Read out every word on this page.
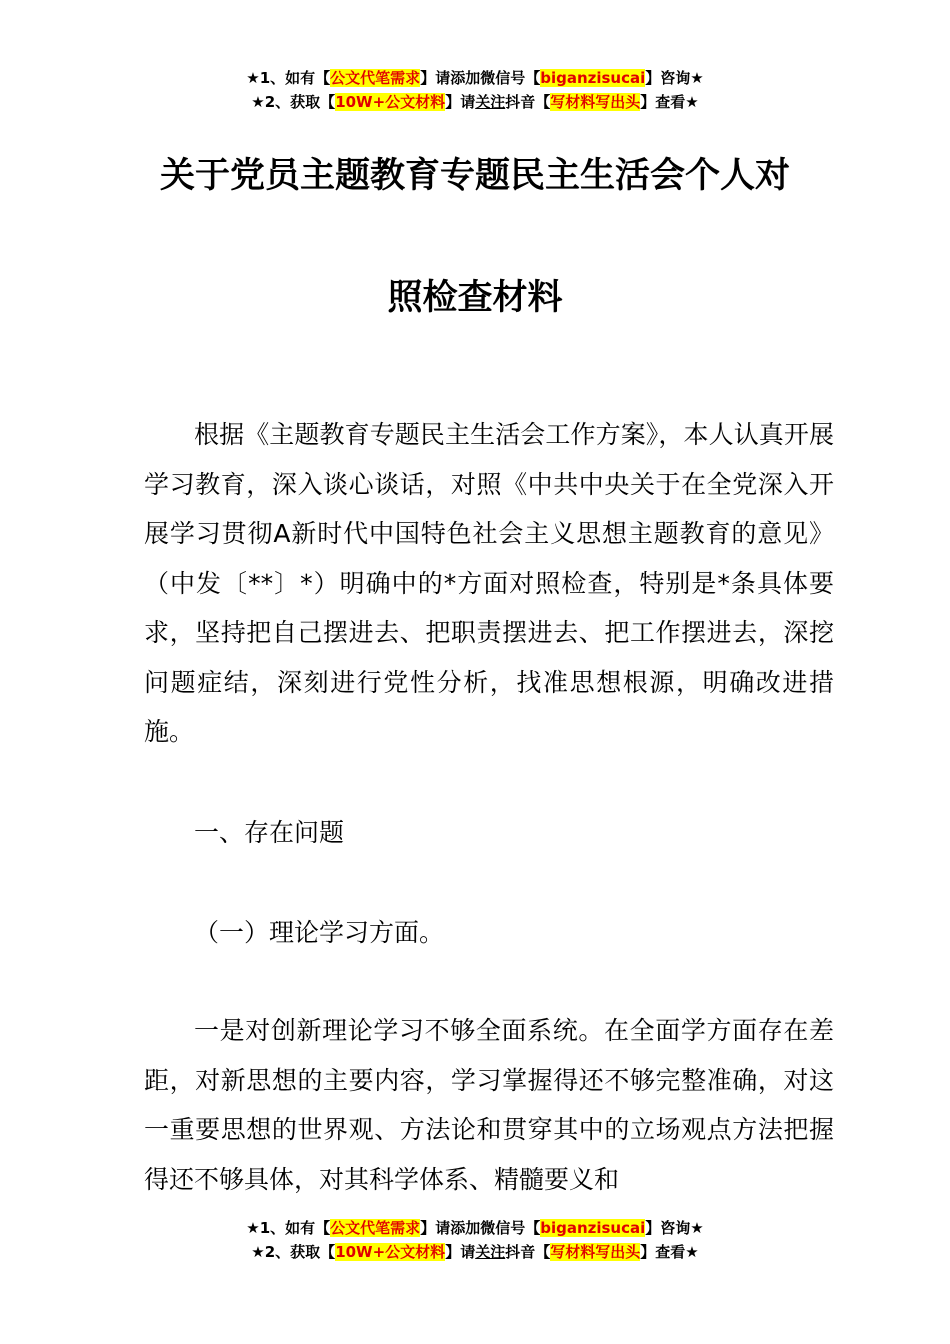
★1、如有【公文代笔需求】请添加微信号【biganzisucai】咨询★
★2、获取【10W+公文材料】请关注抖音【写材料写出头】查看★
关于党员主题教育专题民主生活会个人对
照检查材料
根据《主题教育专题民主生活会工作方案》，本人认真开展学习教育，深入谈心谈话，对照《中共中央关于在全党深入开展学习贯彻A新时代中国特色社会主义思想主题教育的意见》（中发〔**〕*）明确中的*方面对照检查，特别是*条具体要求，坚持把自己摆进去、把职责摆进去、把工作摆进去，深挖问题症结，深刻进行党性分析，找准思想根源，明确改进措施。
一、存在问题
（一）理论学习方面。
一是对创新理论学习不够全面系统。在全面学方面存在差距，对新思想的主要内容，学习掌握得还不够完整准确，对这一重要思想的世界观、方法论和贯穿其中的立场观点方法把握得还不够具体，对其科学体系、精髓要义和
★1、如有【公文代笔需求】请添加微信号【biganzisucai】咨询★
★2、获取【10W+公文材料】请关注抖音【写材料写出头】查看★
